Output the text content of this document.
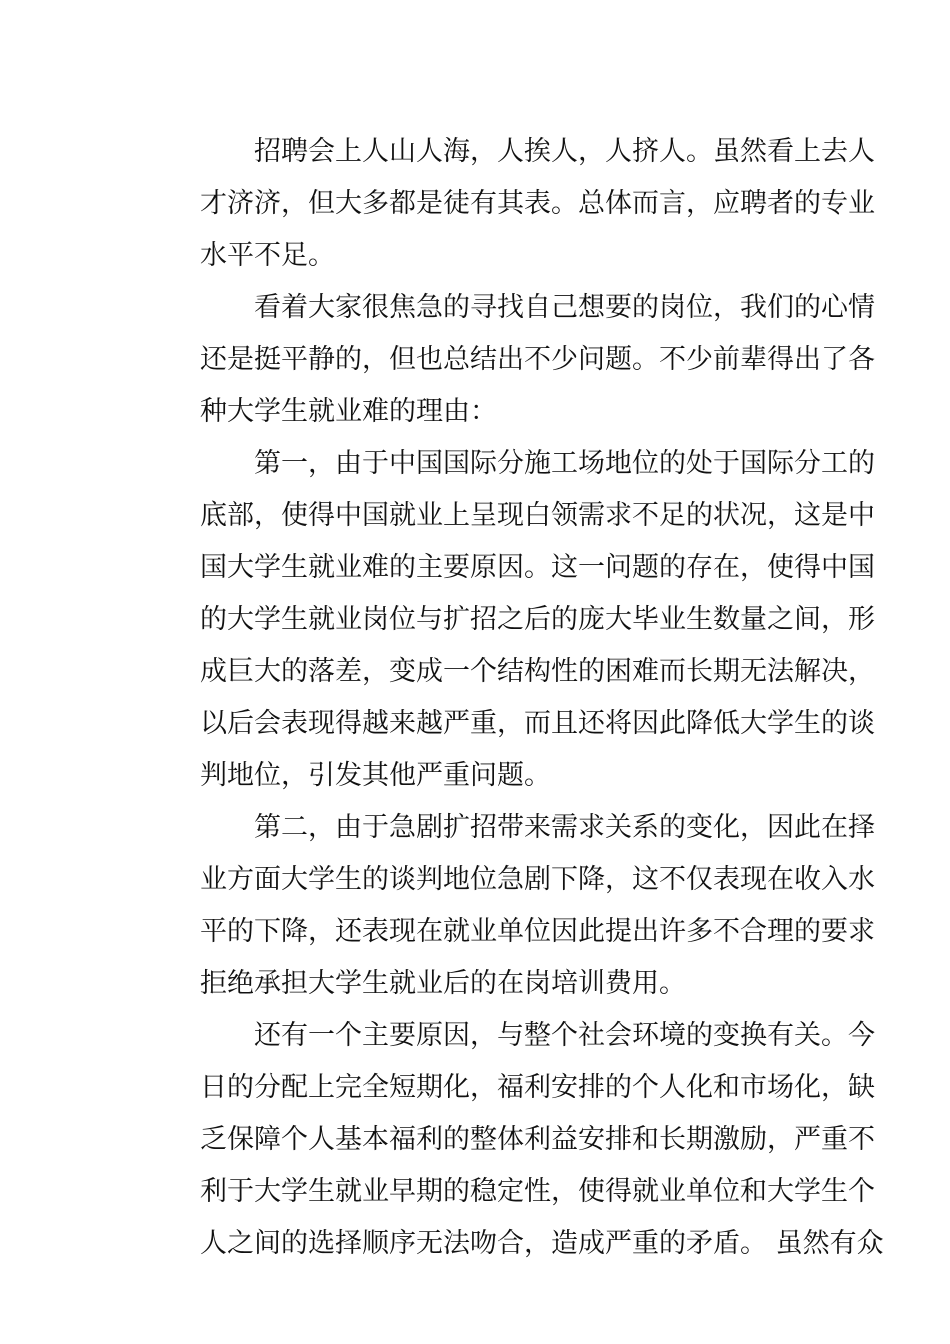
招聘会上人山人海，人挨人，人挤人。虽然看上去人
才济济，但大多都是徒有其表。总体而言，应聘者的专业
水平不足。
看着大家很焦急的寻找自己想要的岗位，我们的心情
还是挺平静的，但也总结出不少问题。不少前辈得出了各
种大学生就业难的理由：
第一，由于中国国际分施工场地位的处于国际分工的
底部，使得中国就业上呈现白领需求不足的状况，这是中
国大学生就业难的主要原因。这一问题的存在，使得中国
的大学生就业岗位与扩招之后的庞大毕业生数量之间，形
成巨大的落差，变成一个结构性的困难而长期无法解决，
以后会表现得越来越严重，而且还将因此降低大学生的谈
判地位，引发其他严重问题。
第二，由于急剧扩招带来需求关系的变化，因此在择
业方面大学生的谈判地位急剧下降，这不仅表现在收入水
平的下降，还表现在就业单位因此提出许多不合理的要求
拒绝承担大学生就业后的在岗培训费用。
还有一个主要原因，与整个社会环境的变换有关。今
日的分配上完全短期化，福利安排的个人化和市场化，缺
乏保障个人基本福利的整体利益安排和长期激励，严重不
利于大学生就业早期的稳定性，使得就业单位和大学生个
人之间的选择顺序无法吻合，造成严重的矛盾。 虽然有众
